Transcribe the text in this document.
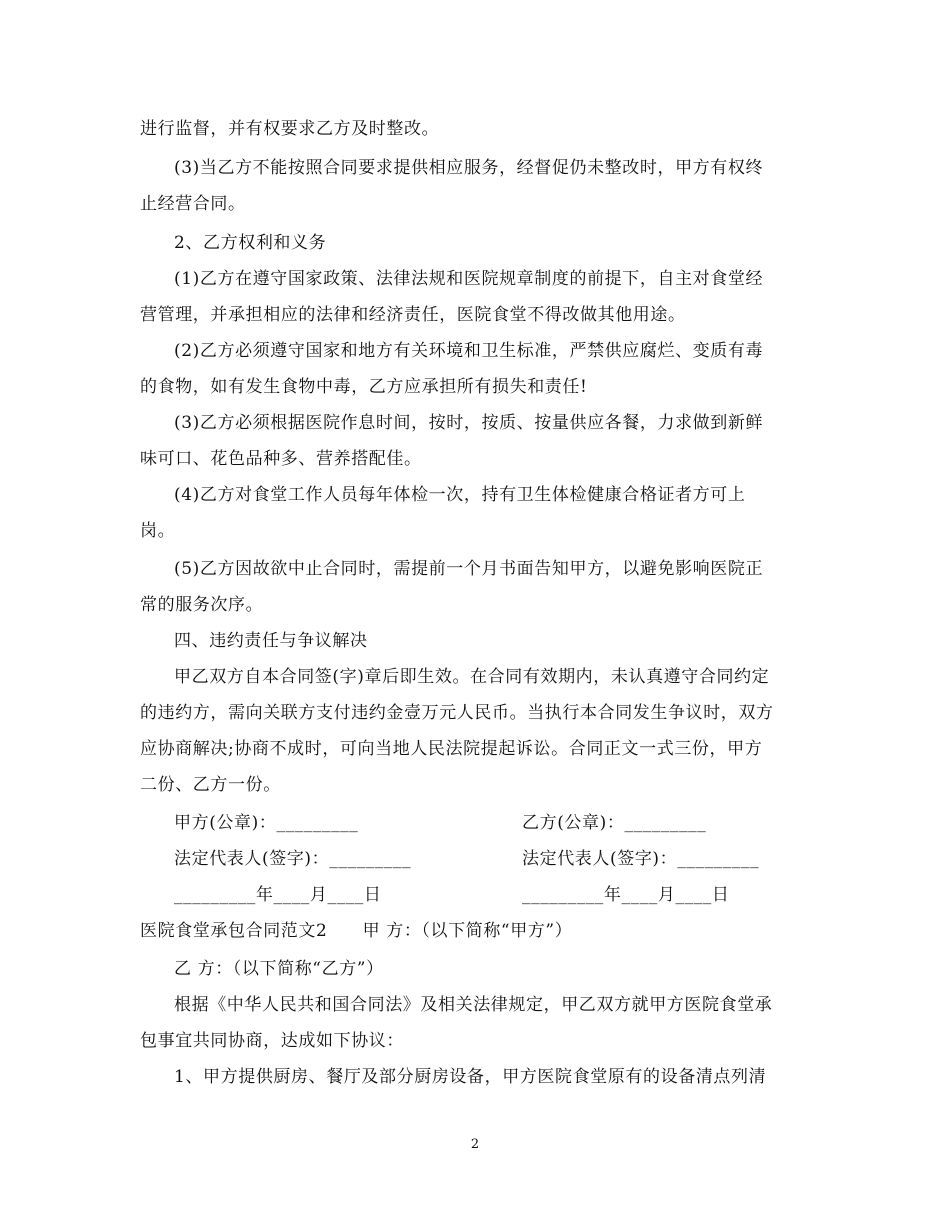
进行监督，并有权要求乙方及时整改。
(3)当乙方不能按照合同要求提供相应服务，经督促仍未整改时，甲方有权终
止经营合同。
2、乙方权利和义务
(1)乙方在遵守国家政策、法律法规和医院规章制度的前提下，自主对食堂经
营管理，并承担相应的法律和经济责任，医院食堂不得改做其他用途。
(2)乙方必须遵守国家和地方有关环境和卫生标准，严禁供应腐烂、变质有毒
的食物，如有发生食物中毒，乙方应承担所有损失和责任!
(3)乙方必须根据医院作息时间，按时，按质、按量供应各餐，力求做到新鲜
味可口、花色品种多、营养搭配佳。
(4)乙方对食堂工作人员每年体检一次，持有卫生体检健康合格证者方可上
岗。
(5)乙方因故欲中止合同时，需提前一个月书面告知甲方，以避免影响医院正
常的服务次序。
四、违约责任与争议解决
甲乙双方自本合同签(字)章后即生效。在合同有效期内，未认真遵守合同约定
的违约方，需向关联方支付违约金壹万元人民币。当执行本合同发生争议时，双方
应协商解决;协商不成时，可向当地人民法院提起诉讼。合同正文一式三份，甲方
二份、乙方一份。
甲方(公章)：_________	乙方(公章)：_________
法定代表人(签字)：_________	法定代表人(签字)：_________
_________年____月____日	_________年____月____日
医院食堂承包合同范文2　　甲 方：（以下简称“甲方”）
乙 方：（以下简称“乙方”）
根据《中华人民共和国合同法》及相关法律规定，甲乙双方就甲方医院食堂承
包事宜共同协商，达成如下协议：
1、甲方提供厨房、餐厅及部分厨房设备，甲方医院食堂原有的设备清点列清
2
